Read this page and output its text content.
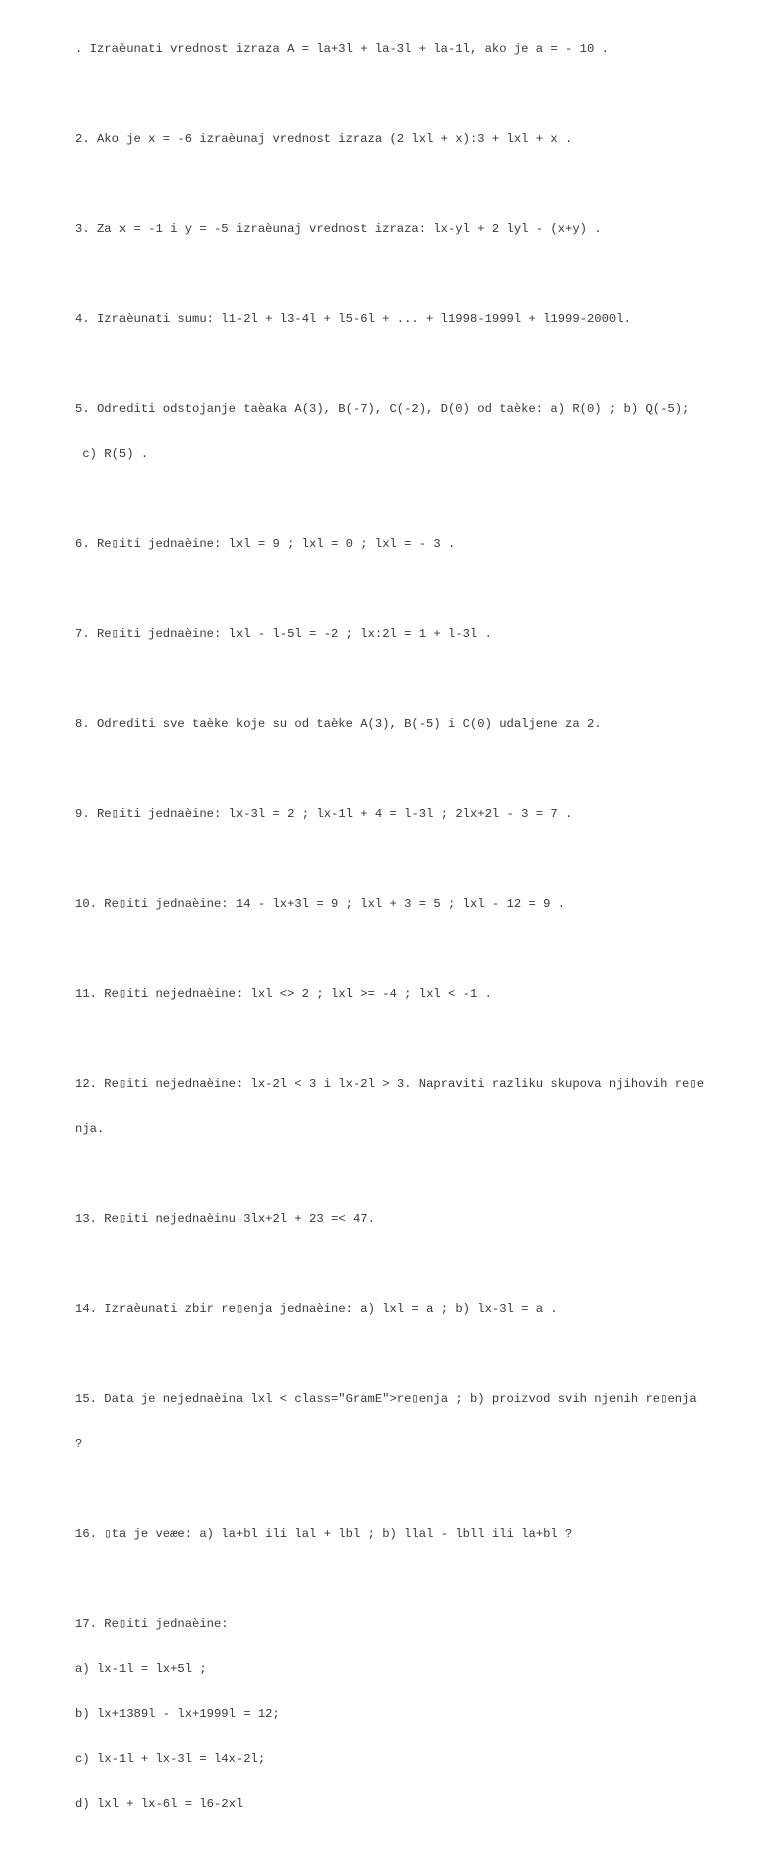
. Izraèunati vrednost izraza A = la+3l + la-3l + la-1l, ako je a = - 10 .

2. Ako je x = -6 izraèunaj vrednost izraza (2 lxl + x):3 + lxl + x .

3. Za x = -1 i y = -5 izraèunaj vrednost izraza: lx-yl + 2 lyl - (x+y) .

4. Izraèunati sumu: l1-2l + l3-4l + l5-6l + ... + l1998-1999l + l1999-2000l.

5. Odrediti odstojanje taèaka A(3), B(-7), C(-2), D(0) od taèke: a) R(0) ; b) Q(-5);

c) R(5) .

6. Re▯iti jednaèine: lxl = 9 ; lxl = 0 ; lxl = - 3 .

7. Re▯iti jednaèine: lxl - l-5l = -2 ; lx:2l = 1 + l-3l .

8. Odrediti sve taèke koje su od taèke A(3), B(-5) i C(0) udaljene za 2.

9. Re▯iti jednaèine: lx-3l = 2 ; lx-1l + 4 = l-3l ; 2lx+2l - 3 = 7 .

10. Re▯iti jednaèine: 14 - lx+3l = 9 ; lxl + 3 = 5 ; lxl - 12 = 9 .

11. Re▯iti nejednaèine: lxl <> 2 ; lxl >= -4 ; lxl < -1 .

12. Re▯iti nejednaèine: lx-2l < 3 i lx-2l > 3. Napraviti razliku skupova njihovih re▯e

nja.

13. Re▯iti nejednaèinu 3lx+2l + 23 =< 47.

14. Izraèunati zbir re▯enja jednaèine: a) lxl = a ; b) lx-3l = a .

15. Data je nejednaèina lxl < class="GramE">re▯enja ; b) proizvod svih njenih re▯enja

?

16. ▯ta je veæe: a) la+bl ili lal + lbl ; b) llal - lbll ili la+bl ?

17. Re▯iti jednaèine:

a) lx-1l = lx+5l ;

b) lx+1389l - lx+1999l = 12;

c) lx-1l + lx-3l = l4x-2l;

d) lxl + lx-6l = l6-2xl
